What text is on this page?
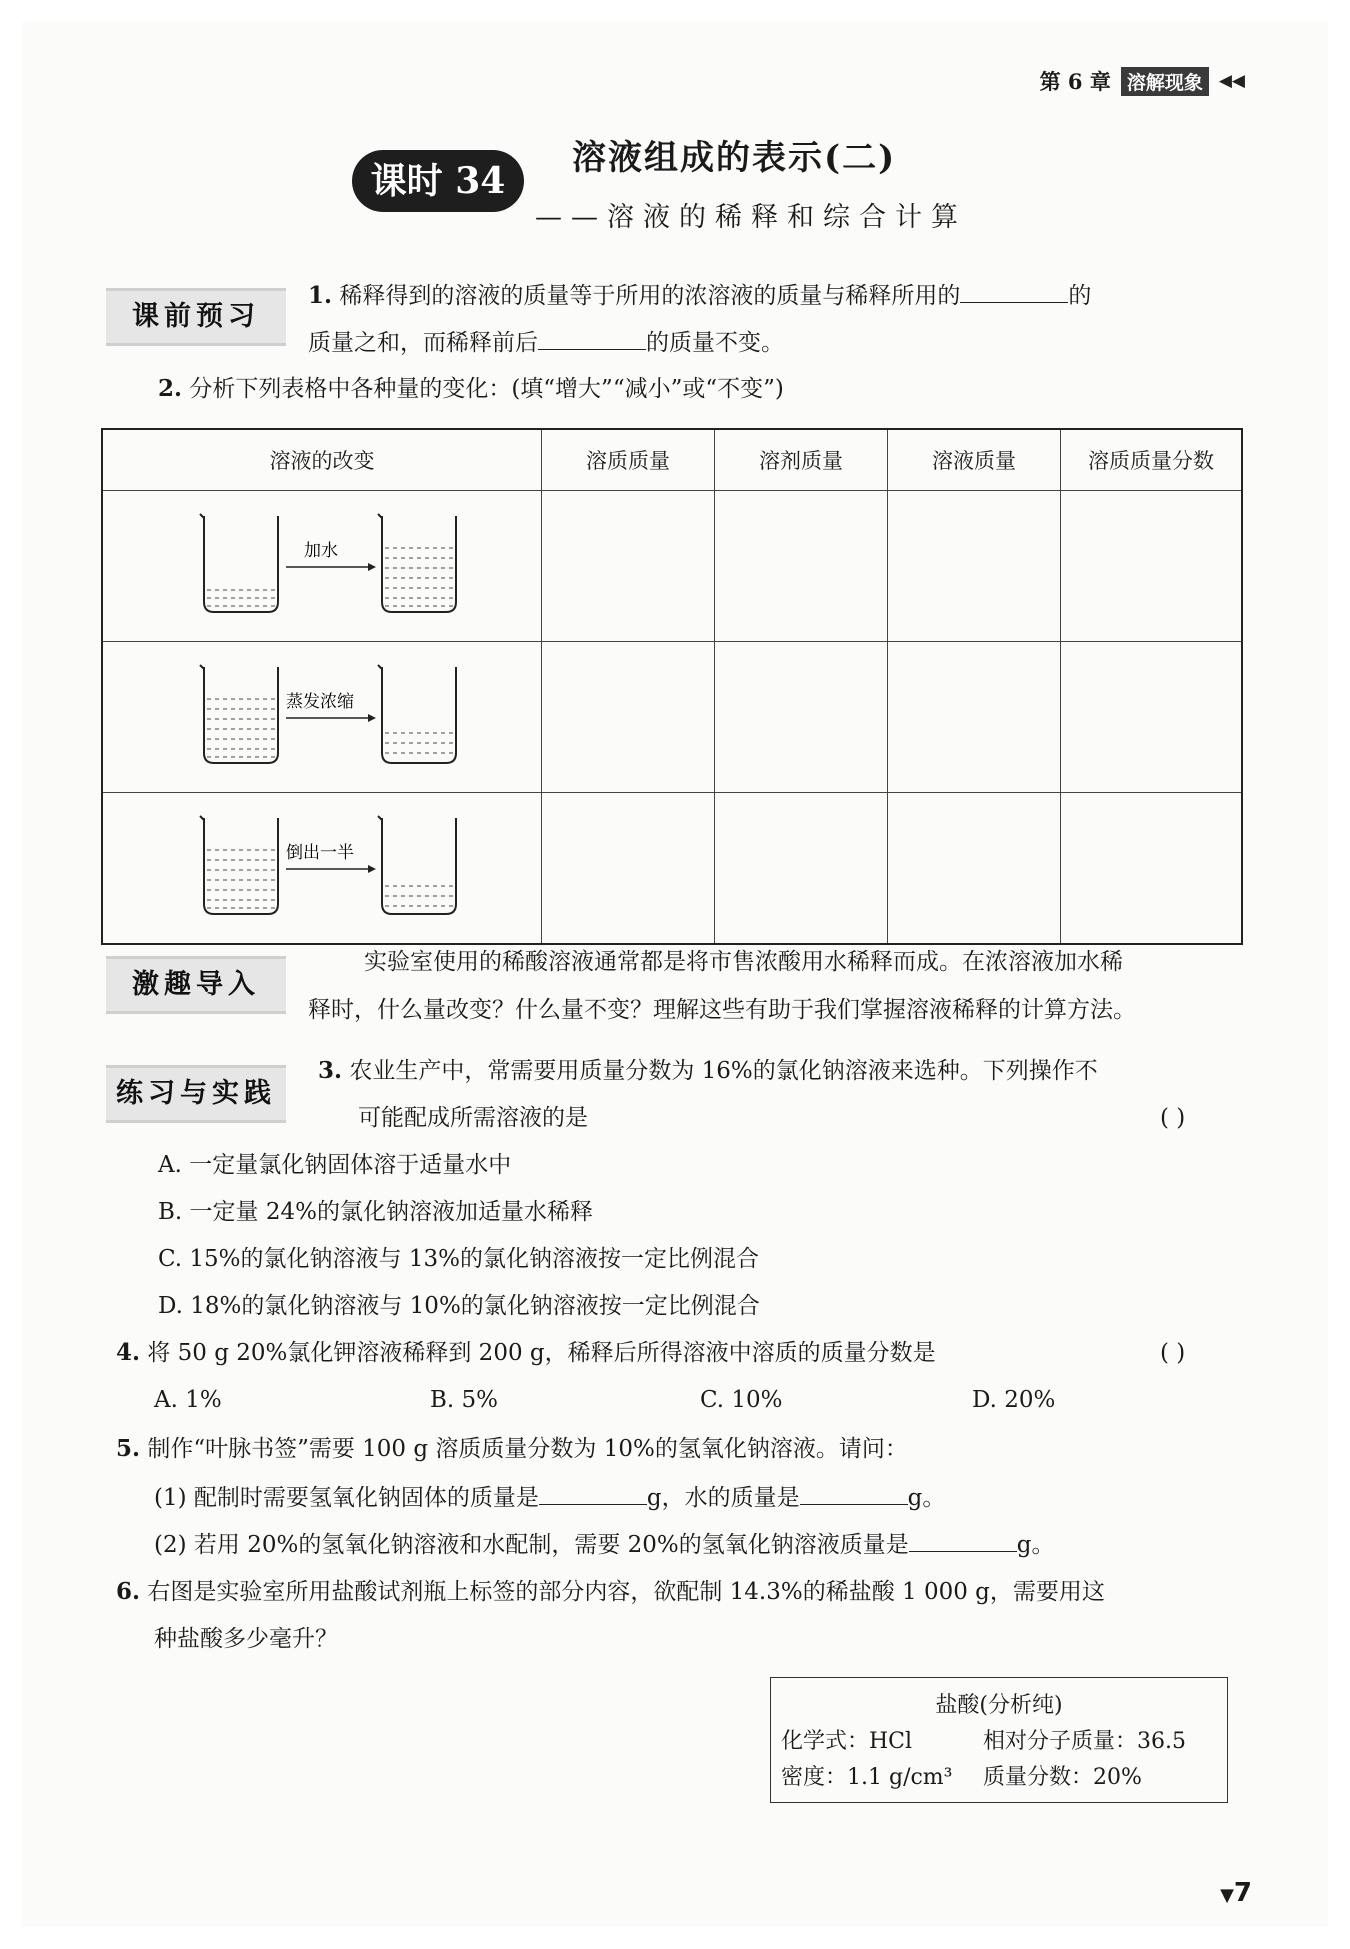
第 6 章 溶解现象 ◀◀
课时 34
溶液组成的表示(二)
——溶液的稀释和综合计算
课前预习
1. 稀释得到的溶液的质量等于所用的浓溶液的质量与稀释所用的	的
质量之和，而稀释前后	的质量不变。
2. 分析下列表格中各种量的变化：(填“增大”“减小”或“不变”)
溶液的改变	溶质质量	溶剂质量	溶液质量	溶质质量分数

加水				

蒸发浓缩				

倒出一半				

激趣导入
实验室使用的稀酸溶液通常都是将市售浓酸用水稀释而成。在浓溶液加水稀
释时，什么量改变？什么量不变？理解这些有助于我们掌握溶液稀释的计算方法。
练习与实践
3. 农业生产中，常需要用质量分数为 16%的氯化钠溶液来选种。下列操作不
可能配成所需溶液的是	( )
A. 一定量氯化钠固体溶于适量水中
B. 一定量 24%的氯化钠溶液加适量水稀释
C. 15%的氯化钠溶液与 13%的氯化钠溶液按一定比例混合
D. 18%的氯化钠溶液与 10%的氯化钠溶液按一定比例混合
4. 将 50 g 20%氯化钾溶液稀释到 200 g，稀释后所得溶液中溶质的质量分数是	( )
A. 1%	B. 5%	C. 10%	D. 20%
5. 制作“叶脉书签”需要 100 g 溶质质量分数为 10%的氢氧化钠溶液。请问：
(1) 配制时需要氢氧化钠固体的质量是	g，水的质量是	g。
(2) 若用 20%的氢氧化钠溶液和水配制，需要 20%的氢氧化钠溶液质量是	g。
6. 右图是实验室所用盐酸试剂瓶上标签的部分内容，欲配制 14.3%的稀盐酸 1 000 g，需要用这
种盐酸多少毫升？
盐酸(分析纯)
化学式：HCl	相对分子质量：36.5
密度：1.1 g/cm³ 质量分数：20%
▼7
